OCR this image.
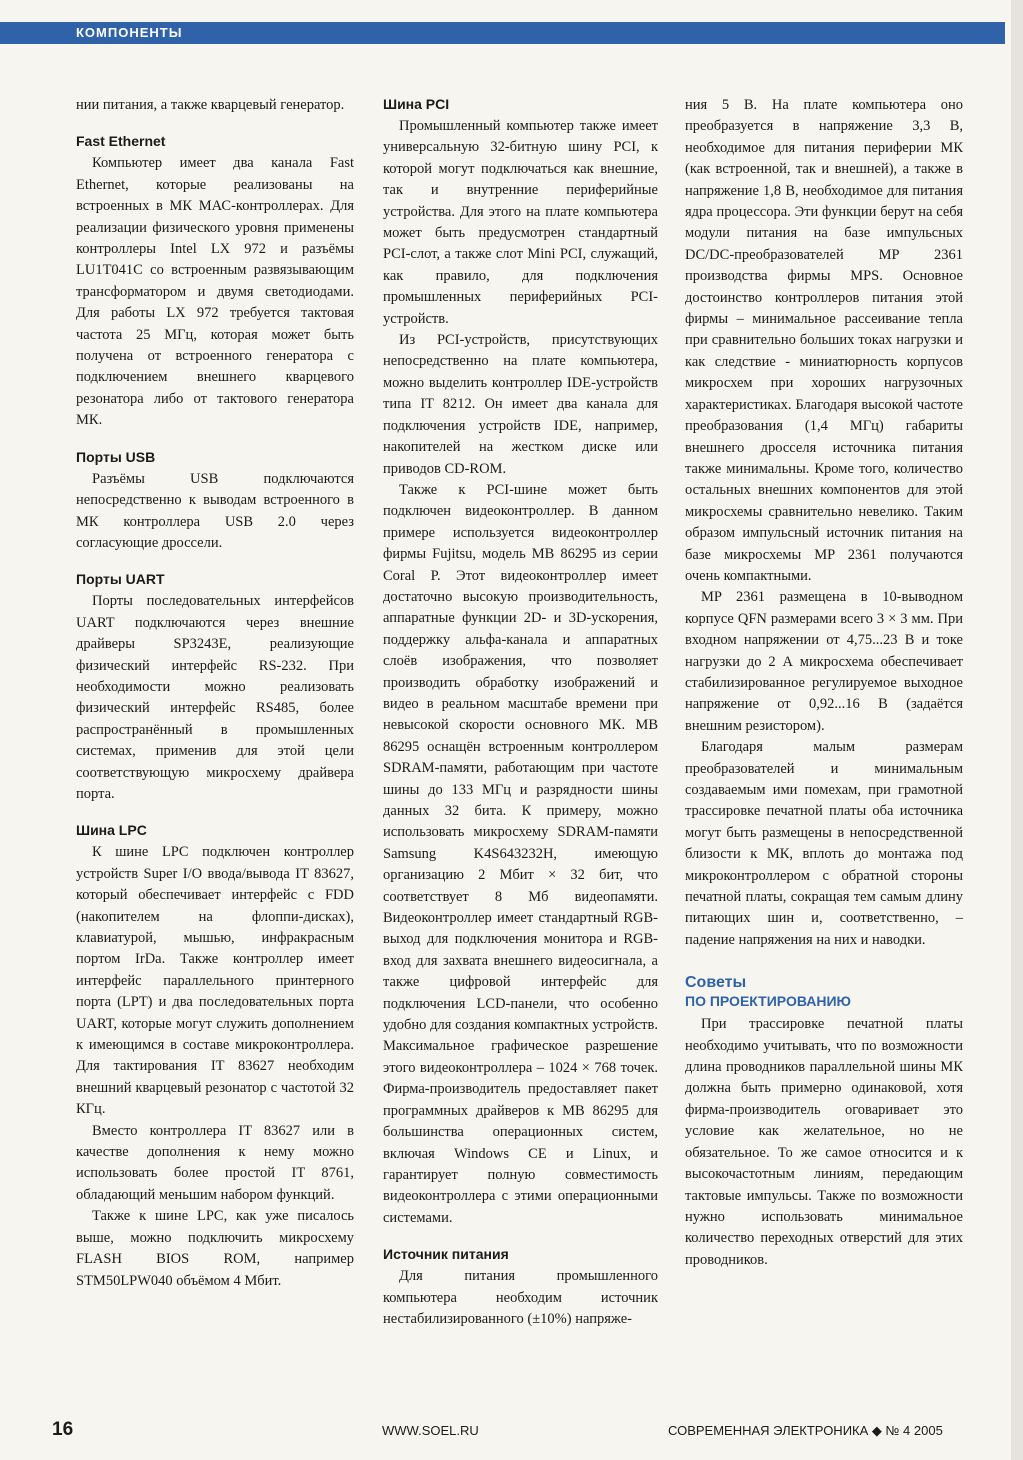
КОМПОНЕНТЫ

нии питания, а также кварцевый генератор.

Fast Ethernet

Компьютер имеет два канала Fast Ethernet, которые реализованы на встроенных в МК МАС-контроллерах. Для реализации физического уровня применены контроллеры Intel LX 972 и разъёмы LU1T041C со встроенным развязывающим трансформатором и двумя светодиодами. Для работы LX 972 требуется тактовая частота 25 МГц, которая может быть получена от встроенного генератора с подключением внешнего кварцевого резонатора либо от тактового генератора МК.

Порты USB

Разъёмы USB подключаются непосредственно к выводам встроенного в МК контроллера USB 2.0 через согласующие дроссели.

Порты UART

Порты последовательных интерфейсов UART подключаются через внешние драйверы SP3243E, реализующие физический интерфейс RS-232. При необходимости можно реализовать физический интерфейс RS485, более распространённый в промышленных системах, применив для этой цели соответствующую микросхему драйвера порта.

Шина LPC

К шине LPC подключен контроллер устройств Super I/O ввода/вывода IT 83627, который обеспечивает интерфейс с FDD (накопителем на флоппи-дисках), клавиатурой, мышью, инфракрасным портом IrDa. Также контроллер имеет интерфейс параллельного принтерного порта (LPT) и два последовательных порта UART, которые могут служить дополнением к имеющимся в составе микроконтроллера. Для тактирования IT 83627 необходим внешний кварцевый резонатор с частотой 32 КГц.

Вместо контроллера IT 83627 или в качестве дополнения к нему можно использовать более простой IT 8761, обладающий меньшим набором функций.

Также к шине LPC, как уже писалось выше, можно подключить микросхему FLASH BIOS ROM, например STM50LPW040 объёмом 4 Мбит.

Шина PCI

Промышленный компьютер также имеет универсальную 32-битную шину PCI, к которой могут подключаться как внешние, так и внутренние периферийные устройства. Для этого на плате компьютера может быть предусмотрен стандартный PCI-слот, а также слот Mini PCI, служащий, как правило, для подключения промышленных периферийных PCI-устройств.

Из PCI-устройств, присутствующих непосредственно на плате компьютера, можно выделить контроллер IDE-устройств типа IT 8212. Он имеет два канала для подключения устройств IDE, например, накопителей на жестком диске или приводов CD-ROM.

Также к PCI-шине может быть подключен видеоконтроллер. В данном примере используется видеоконтроллер фирмы Fujitsu, модель MB 86295 из серии Coral P. Этот видеоконтроллер имеет достаточно высокую производительность, аппаратные функции 2D- и 3D-ускорения, поддержку альфа-канала и аппаратных слоёв изображения, что позволяет производить обработку изображений и видео в реальном масштабе времени при невысокой скорости основного МК. MB 86295 оснащён встроенным контроллером SDRAM-памяти, работающим при частоте шины до 133 МГц и разрядности шины данных 32 бита. К примеру, можно использовать микросхему SDRAM-памяти Samsung K4S643232H, имеющую организацию 2 Мбит × 32 бит, что соответствует 8 Мб видеопамяти. Видеоконтроллер имеет стандартный RGB-выход для подключения монитора и RGB-вход для захвата внешнего видеосигнала, а также цифровой интерфейс для подключения LCD-панели, что особенно удобно для создания компактных устройств. Максимальное графическое разрешение этого видеоконтроллера – 1024 × 768 точек. Фирма-производитель предоставляет пакет программных драйверов к MB 86295 для большинства операционных систем, включая Windows CE и Linux, и гарантирует полную совместимость видеоконтроллера с этими операционными системами.

Источник питания

Для питания промышленного компьютера необходим источник нестабилизированного (±10%) напряже-

ния 5 В. На плате компьютера оно преобразуется в напряжение 3,3 В, необходимое для питания периферии МК (как встроенной, так и внешней), а также в напряжение 1,8 В, необходимое для питания ядра процессора. Эти функции берут на себя модули питания на базе импульсных DC/DC-преобразователей MP 2361 производства фирмы MPS. Основное достоинство контроллеров питания этой фирмы – минимальное рассеивание тепла при сравнительно больших токах нагрузки и как следствие - миниатюрность корпусов микросхем при хороших нагрузочных характеристиках. Благодаря высокой частоте преобразования (1,4 МГц) габариты внешнего дросселя источника питания также минимальны. Кроме того, количество остальных внешних компонентов для этой микросхемы сравнительно невелико. Таким образом импульсный источник питания на базе микросхемы MP 2361 получаются очень компактными.

MP 2361 размещена в 10-выводном корпусе QFN размерами всего 3 × 3 мм. При входном напряжении от 4,75...23 В и токе нагрузки до 2 А микросхема обеспечивает стабилизированное регулируемое выходное напряжение от 0,92...16 В (задаётся внешним резистором).

Благодаря малым размерам преобразователей и минимальным создаваемым ими помехам, при грамотной трассировке печатной платы оба источника могут быть размещены в непосредственной близости к МК, вплоть до монтажа под микроконтроллером с обратной стороны печатной платы, сокращая тем самым длину питающих шин и, соответственно, – падение напряжения на них и наводки.

Советы
ПО ПРОЕКТИРОВАНИЮ

При трассировке печатной платы необходимо учитывать, что по возможности длина проводников параллельной шины МК должна быть примерно одинаковой, хотя фирма-производитель оговаривает это условие как желательное, но не обязательное. То же самое относится и к высокочастотным линиям, передающим тактовые импульсы. Также по возможности нужно использовать минимальное количество переходных отверстий для этих проводников.

16	WWW.SOEL.RU	СОВРЕМЕННАЯ ЭЛЕКТРОНИКА ◆ № 4 2005
